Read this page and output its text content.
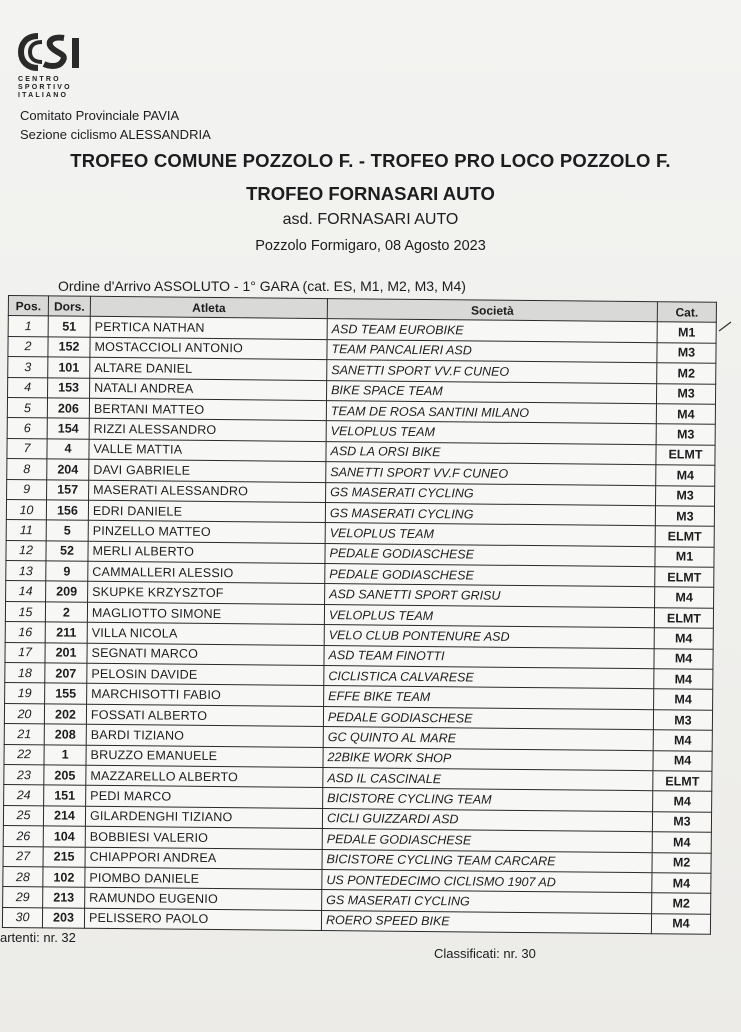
CENTRO
SPORTIVO
ITALIANO
Comitato Provinciale PAVIA
Sezione ciclismo ALESSANDRIA
TROFEO COMUNE POZZOLO F. - TROFEO PRO LOCO POZZOLO F.
TROFEO FORNASARI AUTO
asd. FORNASARI AUTO
Pozzolo Formigaro, 08 Agosto 2023
Ordine d'Arrivo ASSOLUTO - 1° GARA (cat. ES, M1, M2, M3, M4)
Pos.	Dors.	Atleta	Società	Cat.
1	51	PERTICA NATHAN	ASD TEAM EUROBIKE	M1
2	152	MOSTACCIOLI ANTONIO	TEAM PANCALIERI ASD	M3
3	101	ALTARE DANIEL	SANETTI SPORT VV.F CUNEO	M2
4	153	NATALI ANDREA	BIKE SPACE TEAM	M3
5	206	BERTANI MATTEO	TEAM DE ROSA SANTINI MILANO	M4
6	154	RIZZI ALESSANDRO	VELOPLUS TEAM	M3
7	4	VALLE MATTIA	ASD LA ORSI BIKE	ELMT
8	204	DAVI GABRIELE	SANETTI SPORT VV.F CUNEO	M4
9	157	MASERATI ALESSANDRO	GS MASERATI CYCLING	M3
10	156	EDRI DANIELE	GS MASERATI CYCLING	M3
11	5	PINZELLO MATTEO	VELOPLUS TEAM	ELMT
12	52	MERLI ALBERTO	PEDALE GODIASCHESE	M1
13	9	CAMMALLERI ALESSIO	PEDALE GODIASCHESE	ELMT
14	209	SKUPKE KRZYSZTOF	ASD SANETTI SPORT GRISU	M4
15	2	MAGLIOTTO SIMONE	VELOPLUS TEAM	ELMT
16	211	VILLA NICOLA	VELO CLUB PONTENURE ASD	M4
17	201	SEGNATI MARCO	ASD TEAM FINOTTI	M4
18	207	PELOSIN DAVIDE	CICLISTICA CALVARESE	M4
19	155	MARCHISOTTI FABIO	EFFE BIKE TEAM	M4
20	202	FOSSATI ALBERTO	PEDALE GODIASCHESE	M3
21	208	BARDI TIZIANO	GC QUINTO AL MARE	M4
22	1	BRUZZO EMANUELE	22BIKE WORK SHOP	M4
23	205	MAZZARELLO ALBERTO	ASD IL CASCINALE	ELMT
24	151	PEDI MARCO	BICISTORE CYCLING TEAM	M4
25	214	GILARDENGHI TIZIANO	CICLI GUIZZARDI ASD	M3
26	104	BOBBIESI VALERIO	PEDALE GODIASCHESE	M4
27	215	CHIAPPORI ANDREA	BICISTORE CYCLING TEAM CARCARE	M2
28	102	PIOMBO DANIELE	US PONTEDECIMO CICLISMO 1907 AD	M4
29	213	RAMUNDO EUGENIO	GS MASERATI CYCLING	M2
30	203	PELISSERO PAOLO	ROERO SPEED BIKE	M4
artenti: nr. 32
Classificati: nr. 30
